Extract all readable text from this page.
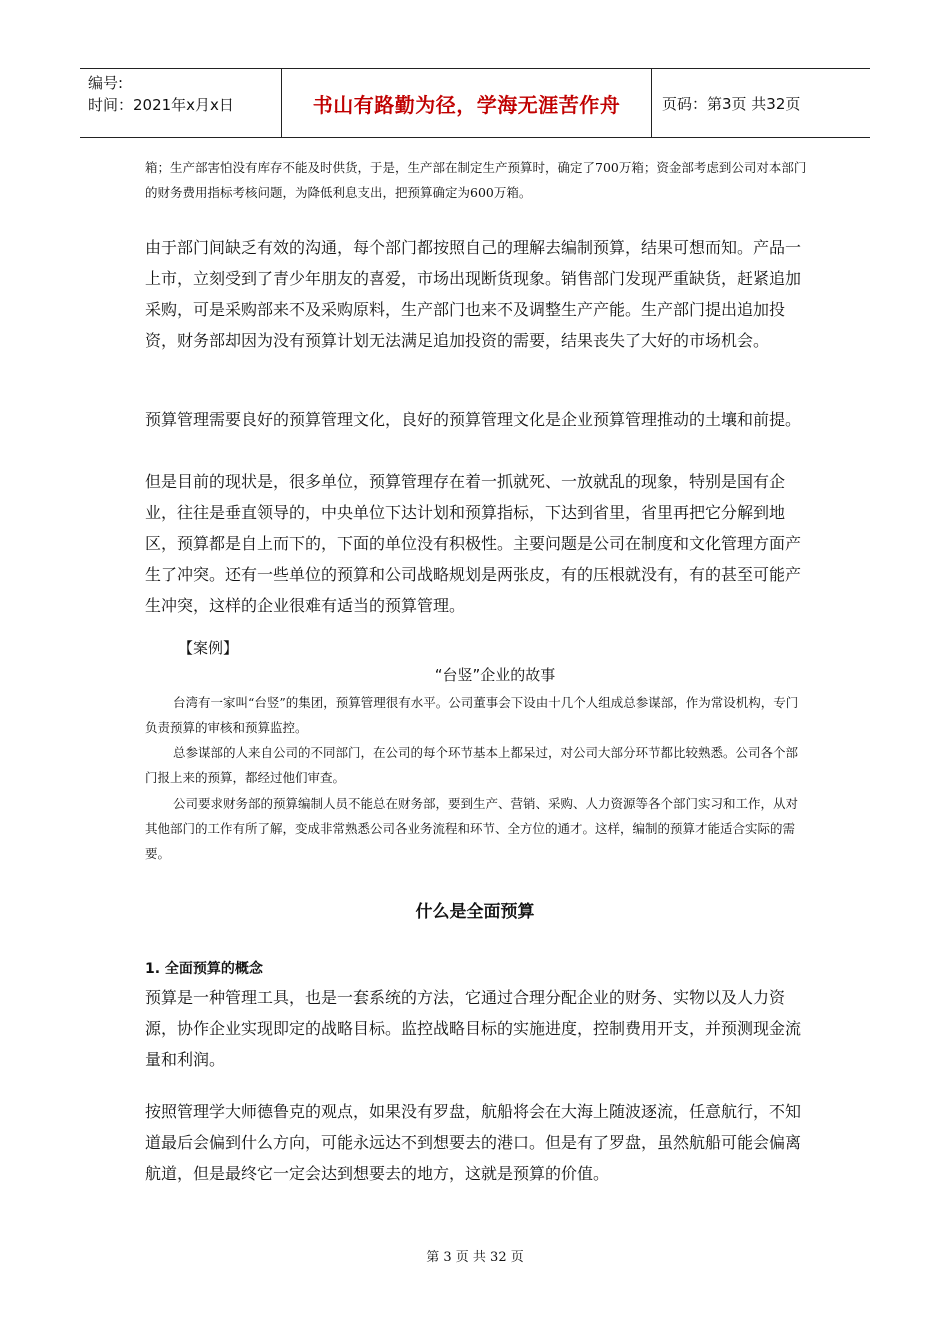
编号:
时间：2021年x月x日	书山有路勤为径，学海无涯苦作舟	页码：第3页 共32页

箱；生产部害怕没有库存不能及时供货，于是，生产部在制定生产预算时，确定了700万箱；资金部考虑到公司对本部门的财务费用指标考核问题，为降低利息支出，把预算确定为600万箱。

由于部门间缺乏有效的沟通，每个部门都按照自己的理解去编制预算，结果可想而知。产品一上市，立刻受到了青少年朋友的喜爱，市场出现断货现象。销售部门发现严重缺货，赶紧追加采购，可是采购部来不及采购原料，生产部门也来不及调整生产产能。生产部门提出追加投资，财务部却因为没有预算计划无法满足追加投资的需要，结果丧失了大好的市场机会。

预算管理需要良好的预算管理文化，良好的预算管理文化是企业预算管理推动的土壤和前提。

但是目前的现状是，很多单位，预算管理存在着一抓就死、一放就乱的现象，特别是国有企业，往往是垂直领导的，中央单位下达计划和预算指标，下达到省里，省里再把它分解到地区，预算都是自上而下的，下面的单位没有积极性。主要问题是公司在制度和文化管理方面产生了冲突。还有一些单位的预算和公司战略规划是两张皮，有的压根就没有，有的甚至可能产生冲突，这样的企业很难有适当的预算管理。

【案例】
“台竖”企业的故事

台湾有一家叫“台竖”的集团，预算管理很有水平。公司董事会下设由十几个人组成总参谋部，作为常设机构，专门负责预算的审核和预算监控。

总参谋部的人来自公司的不同部门，在公司的每个环节基本上都呆过，对公司大部分环节都比较熟悉。公司各个部门报上来的预算，都经过他们审查。

公司要求财务部的预算编制人员不能总在财务部，要到生产、营销、采购、人力资源等各个部门实习和工作，从对其他部门的工作有所了解，变成非常熟悉公司各业务流程和环节、全方位的通才。这样，编制的预算才能适合实际的需要。

什么是全面预算
1. 全面预算的概念

预算是一种管理工具，也是一套系统的方法，它通过合理分配企业的财务、实物以及人力资源，协作企业实现即定的战略目标。监控战略目标的实施进度，控制费用开支，并预测现金流量和利润。

按照管理学大师德鲁克的观点，如果没有罗盘，航船将会在大海上随波逐流，任意航行，不知道最后会偏到什么方向，可能永远达不到想要去的港口。但是有了罗盘，虽然航船可能会偏离航道，但是最终它一定会达到想要去的地方，这就是预算的价值。

第 3 页 共 32 页
